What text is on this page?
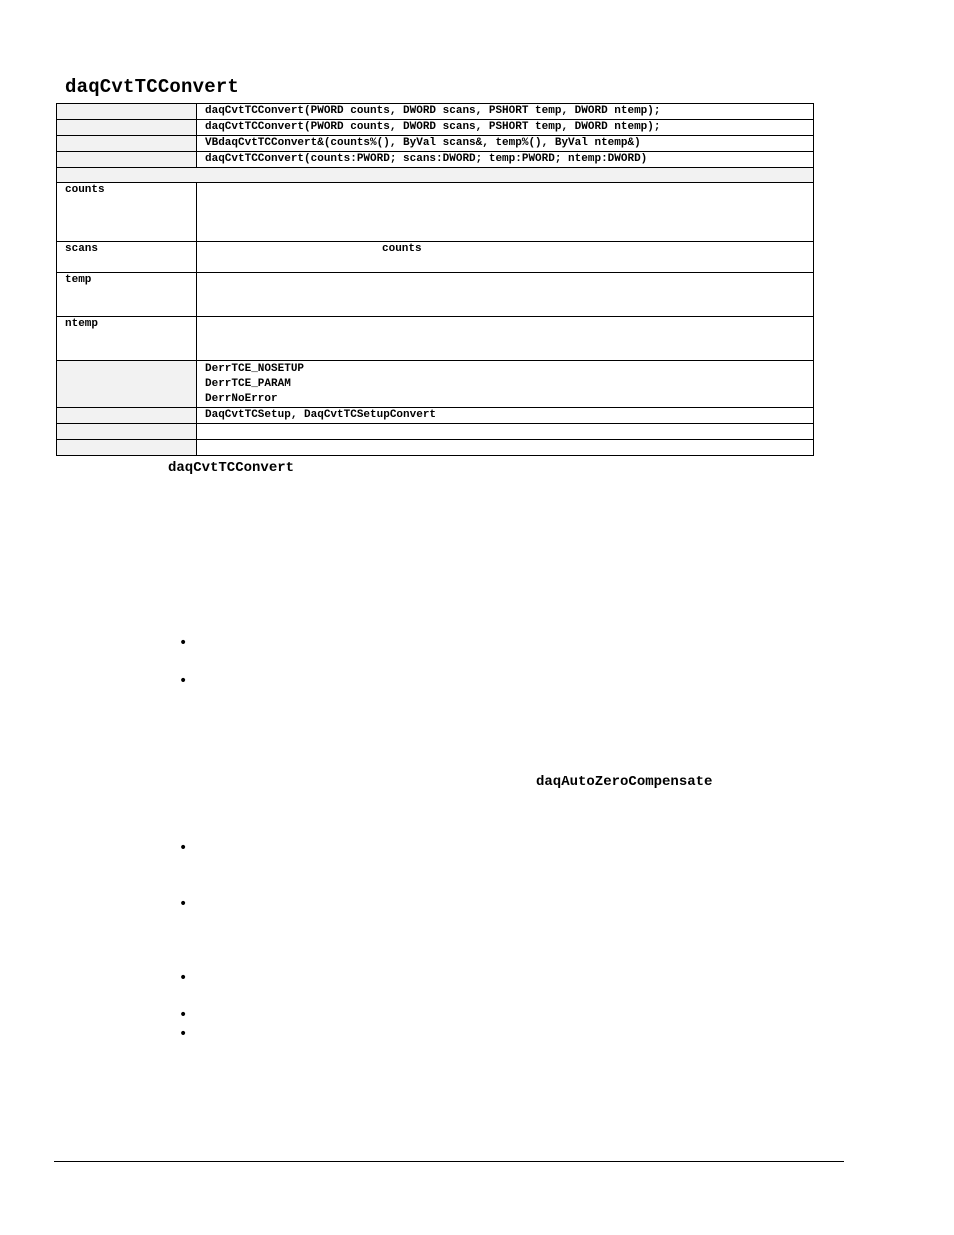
daqCvtTCConvert
	daqCvtTCConvert(PWORD counts, DWORD scans, PSHORT temp, DWORD ntemp);
	daqCvtTCConvert(PWORD counts, DWORD scans, PSHORT temp, DWORD ntemp);
	VBdaqCvtTCConvert&(counts%(), ByVal scans&, temp%(), ByVal ntemp&)
	daqCvtTCConvert(counts:PWORD; scans:DWORD; temp:PWORD; ntemp:DWORD)

counts	
scans	counts
temp	
ntemp	

	DerrTCE_NOSETUP
DerrTCE_PARAM
DerrNoError

	DaqCvtTCSetup, DaqCvtTCSetupConvert

daqCvtTCConvert
•
•
daqAutoZeroCompensate
•
•
•
•
•
